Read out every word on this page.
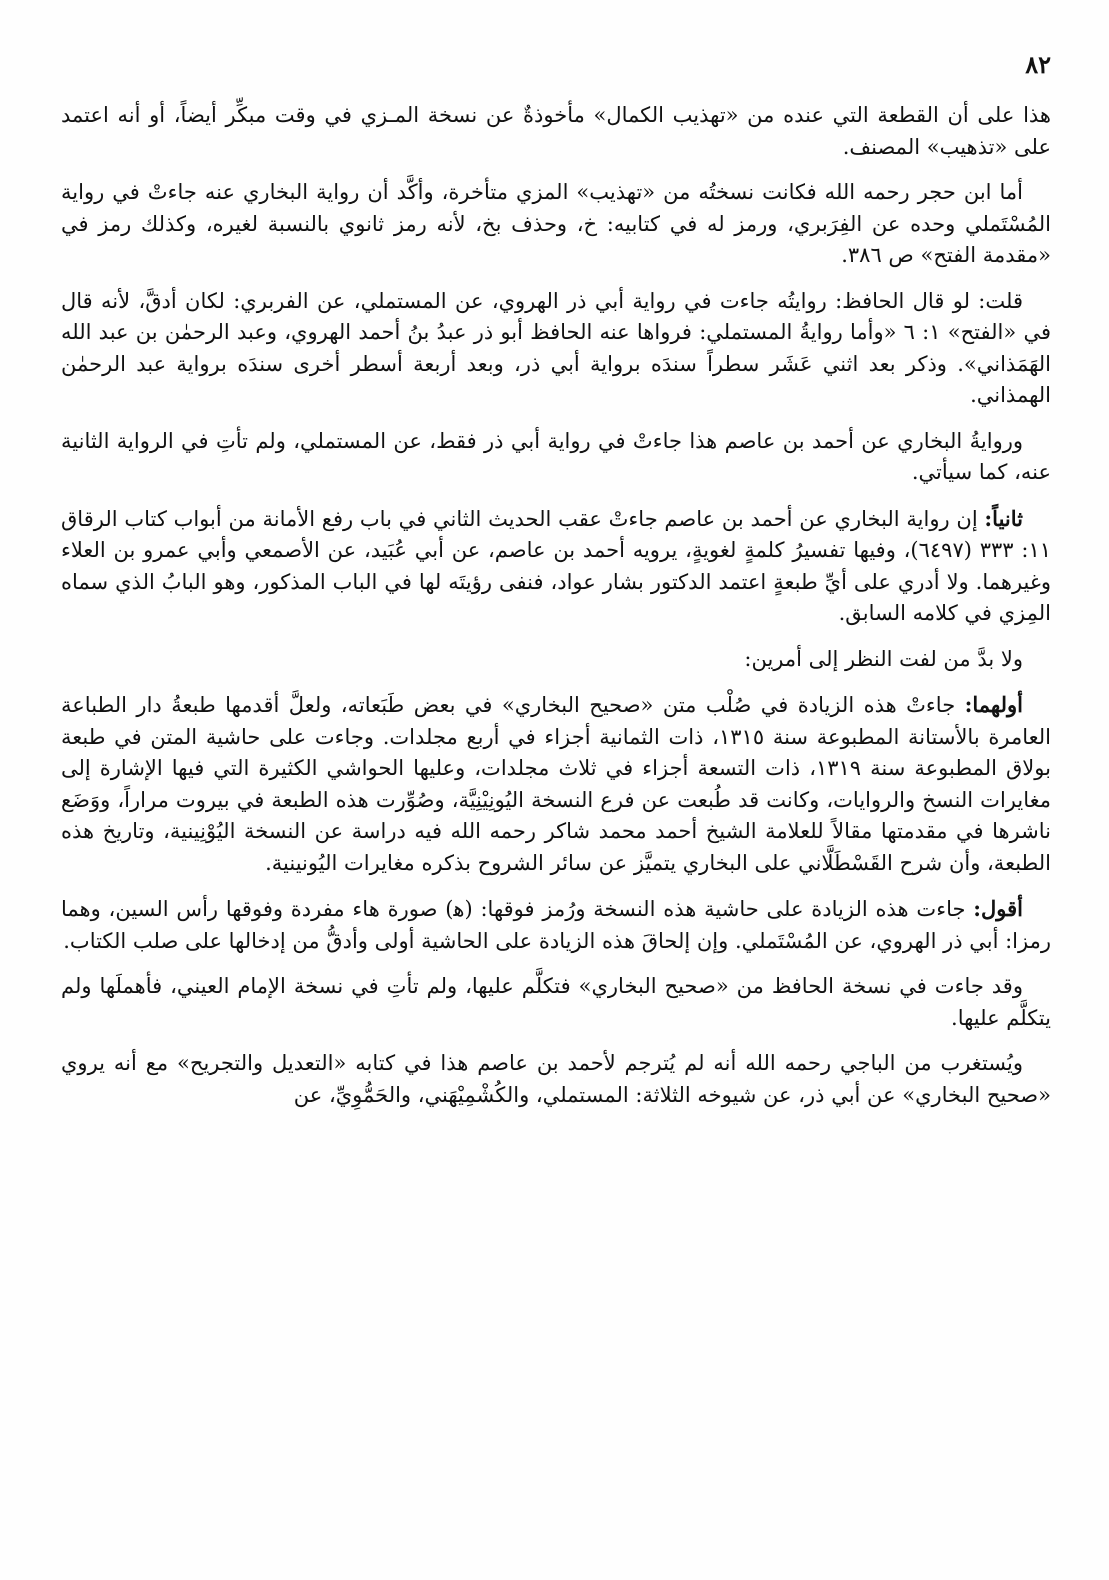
٨٢

هذا على أن القطعة التي عنده من «تهذيب الكمال» مأخوذةٌ عن نسخة المـزي في وقت مبكِّر أيضاً، أو أنه اعتمد على «تذهيب» المصنف.

أما ابن حجر رحمه الله فكانت نسختُه من «تهذيب» المزي متأخرة، وأكَّد أن رواية البخاري عنه جاءتْ في رواية المُسْتَملي وحده عن الفِرَبري، ورمز له في كتابيه: خ، وحذف بخ، لأنه رمز ثانوي بالنسبة لغيره، وكذلك رمز في «مقدمة الفتح» ص ٣٨٦.

قلت: لو قال الحافظ: روايتُه جاءت في رواية أبي ذر الهروي، عن المستملي، عن الفربري: لكان أدقَّ، لأنه قال في «الفتح» ١: ٦ «وأما روايةُ المستملي: فرواها عنه الحافظ أبو ذر عبدُ بنُ أحمد الهروي، وعبد الرحمٰن بن عبد الله الهَمَذاني». وذكر بعد اثني عَشَر سطراً سندَه برواية أبي ذر، وبعد أربعة أسطر أخرى سندَه برواية عبد الرحمٰن الهمذاني.

وروايةُ البخاري عن أحمد بن عاصم هذا جاءتْ في رواية أبي ذر فقط، عن المستملي، ولم تأتِ في الرواية الثانية عنه، كما سيأتي.

ثانياً: إن رواية البخاري عن أحمد بن عاصم جاءتْ عقب الحديث الثاني في باب رفع الأمانة من أبواب كتاب الرقاق ١١: ٣٣٣ (٦٤٩٧)، وفيها تفسيرُ كلمةٍ لغويةٍ، يرويه أحمد بن عاصم، عن أبي عُبَيد، عن الأصمعي وأبي عمرو بن العلاء وغيرهما. ولا أدري على أيِّ طبعةٍ اعتمد الدكتور بشار عواد، فنفى رؤيتَه لها في الباب المذكور، وهو البابُ الذي سماه المِزي في كلامه السابق.

ولا بدَّ من لفت النظر إلى أمرين:

أولهما: جاءتْ هذه الزيادة في صُلْب متن «صحيح البخاري» في بعض طَبَعاته، ولعلَّ أقدمها طبعةُ دار الطباعة العامرة بالأستانة المطبوعة سنة ١٣١٥، ذات الثمانية أجزاء في أربع مجلدات. وجاءت على حاشية المتن في طبعة بولاق المطبوعة سنة ١٣١٩، ذات التسعة أجزاء في ثلاث مجلدات، وعليها الحواشي الكثيرة التي فيها الإشارة إلى مغايرات النسخ والروايات، وكانت قد طُبعت عن فرع النسخة اليُونِيْنِيَّة، وصُوِّرت هذه الطبعة في بيروت مراراً، ووَضَع ناشرها في مقدمتها مقالاً للعلامة الشيخ أحمد محمد شاكر رحمه الله فيه دراسة عن النسخة اليُوْنِينية، وتاريخ هذه الطبعة، وأن شرح القَسْطَلَّاني على البخاري يتميَّز عن سائر الشروح بذكره مغايرات اليُونينية.

أقول: جاءت هذه الزيادة على حاشية هذه النسخة ورُمز فوقها: (ﻫ) صورة هاء مفردة وفوقها رأس السين، وهما رمزا: أبي ذر الهروي، عن المُسْتَملي. وإن إلحاقَ هذه الزيادة على الحاشية أولى وأدقُّ من إدخالها على صلب الكتاب.

وقد جاءت في نسخة الحافظ من «صحيح البخاري» فتكلَّم عليها، ولم تأتِ في نسخة الإمام العيني، فأهملَها ولم يتكلَّم عليها.

ويُستغرب من الباجي رحمه الله أنه لم يُترجم لأحمد بن عاصم هذا في كتابه «التعديل والتجريح» مع أنه يروي «صحيح البخاري» عن أبي ذر، عن شيوخه الثلاثة: المستملي، والكُشْمِيْهَني، والحَمُّوِيِّ، عن
